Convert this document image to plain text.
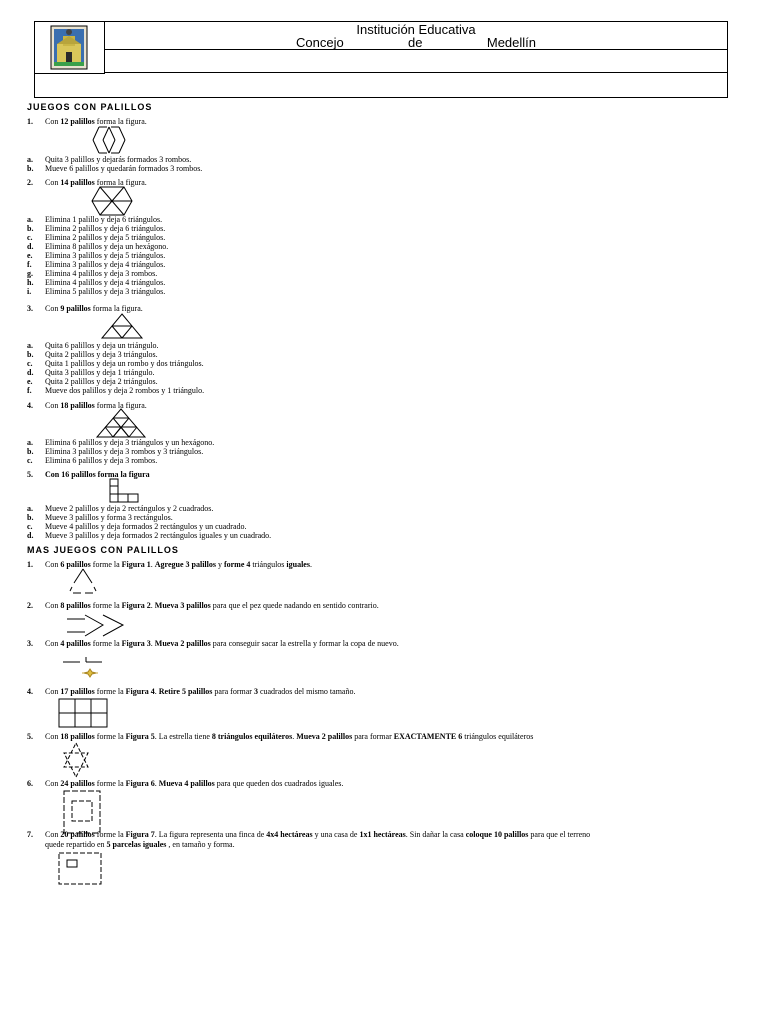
Institución Educativa
Concejo	de	Medellín
JUEGOS CON PALILLOS
1. Con 12 palillos forma la figura.
a. Quita 3 palillos y dejarás formados 3 rombos.
b. Mueve 6 palillos y quedarán formados 3 rombos.
2. Con 14 palillos forma la figura.
a. Elimina 1 palillo y deja 6 triángulos.
b. Elimina 2 palillos y deja 6 triángulos.
c. Elimina 2 palillos y deja 5 triángulos.
d. Elimina 8 palillos y deja un hexágono.
e. Elimina 3 palillos y deja 5 triángulos.
f. Elimina 3 palillos y deja 4 triángulos.
g. Elimina 4 palillos y deja 3 rombos.
h. Elimina 4 palillos y deja 4 triángulos.
i. Elimina 5 palillos y deja 3 triángulos.
3. Con 9 palillos forma la figura.
a. Quita 6 palillos y deja un triángulo.
b. Quita 2 palillos y deja 3 triángulos.
c. Quita 1 palillos y deja un rombo y dos triángulos.
d. Quita 3 palillos y deja 1 triángulo.
e. Quita 2 palillos y deja 2 triángulos.
f. Mueve dos palillos y deja 2 rombos y 1 triángulo.
4. Con 18 palillos forma la figura.
a. Elimina 6 palillos y deja 3 triángulos y un hexágono.
b. Elimina 3 palillos y deja 3 rombos y 3 triángulos.
c. Elimina 6 palillos y deja 3 rombos.
5. Con 16 palillos forma la figura
a. Mueve 2 palillos y deja 2 rectángulos y 2 cuadrados.
b. Mueve 3 palillos y forma 3 rectángulos.
c. Mueve 4 palillos y deja formados 2 rectángulos y un cuadrado.
d. Mueve 3 palillos y deja formados 2 rectángulos iguales y un cuadrado.
MAS JUEGOS CON PALILLOS
1. Con 6 palillos forme la Figura 1. Agregue 3 palillos y forme 4 triángulos iguales.
2. Con 8 palillos forme la Figura 2. Mueva 3 palillos para que el pez quede nadando en sentido contrario.
3. Con 4 palillos forme la Figura 3. Mueva 2 palillos para conseguir sacar la estrella y formar la copa de nuevo.
4. Con 17 palillos forme la Figura 4. Retire 5 palillos para formar 3 cuadrados del mismo tamaño.
5. Con 18 palillos forme la Figura 5. La estrella tiene 8 triángulos equiláteros. Mueva 2 palillos para formar EXACTAMENTE 6 triángulos equiláteros
6. Con 24 palillos forme la Figura 6. Mueva 4 palillos para que queden dos cuadrados iguales.
7. Con 20 palillos forme la Figura 7. La figura representa una finca de 4x4 hectáreas y una casa de 1x1 hectáreas. Sin dañar la casa coloque 10 palillos para que el terreno
quede repartido en 5 parcelas iguales , en tamaño y forma.
